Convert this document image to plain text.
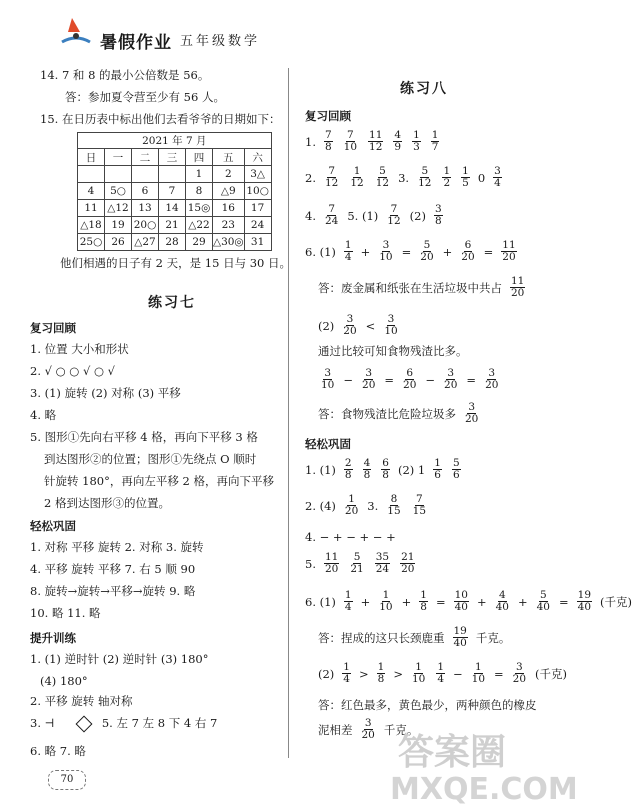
暑假作业 五年级数学
14. 7 和 8 的最小公倍数是 56。
答：参加夏令营至少有 56 人。
15. 在日历表中标出他们去看爷爷的日期如下：
2021 年 7 月						
日	一	二	三	四	五	六
				1	2	3△
4	5○	6	7	8	△9	10○
11	△12	13	14	15◎	16	17
△18	19	20○	21	△22	23	24
25○	26	△27	28	29	△30◎	31
他们相遇的日子有 2 天，是 15 日与 30 日。
练习七
复习回顾
1. 位置 大小和形状
2. √ ○ ○ √ ○ √
3. (1) 旋转 (2) 对称 (3) 平移
4. 略
5. 图形①先向右平移 4 格，再向下平移 3 格
到达图形②的位置；图形①先绕点 O 顺时
针旋转 180°，再向左平移 2 格，再向下平移
2 格到达图形③的位置。
轻松巩固
1. 对称 平移 旋转 2. 对称 3. 旋转
4. 平移 旋转 平移 7. 右 5 顺 90
8. 旋转→旋转→平移→旋转 9. 略
10. 略 11. 略
提升训练
1. (1) 逆时针 (2) 逆时针 (3) 180°
(4) 180°
2. 平移 旋转 轴对称
3. ⊣	5. 左 7 左 8 下 4 右 7
6. 略 7. 略
70
练习八
复习回顾
1. $\frac{7}{8} \frac{7}{10} \frac{11}{12} \frac{4}{9} \frac{1}{3} \frac{1}{7}$
2. $\frac{7}{12} \frac{1}{12} \frac{5}{12} 3$. $\frac{5}{12} \frac{1}{2} \frac{1}{5} 0 \frac{3}{4}$
4. $\frac{7}{24} 5$. $(1) \frac{7}{12} (2) \frac{3}{8}$
6. $(1) \frac{1}{4} + \frac{3}{10} = \frac{5}{20} + \frac{6}{20} = \frac{11}{20}$
答：废金属和纸张在生活垃圾中共占 $\frac{11}{20}$
$(2) \frac{3}{20} < \frac{3}{10}$
通过比较可知食物残渣比多。
$\frac{3}{10} - \frac{3}{20} = \frac{6}{20} - \frac{3}{20} = \frac{3}{20}$
答：食物残渣比危险垃圾多 $\frac{3}{20}$
轻松巩固
1. $(1) \frac{2}{8} \frac{4}{8} \frac{6}{8} (2)$ $1 \frac{1}{6} \frac{5}{6}$
2. $(4) \frac{1}{20} 3$. $\frac{8}{15} \frac{7}{15}$
4. − + − + − +
5. $\frac{11}{20} \frac{5}{21} \frac{35}{24} \frac{21}{20}$
6. $(1) \frac{1}{4} + \frac{1}{10} + \frac{1}{8} = \frac{10}{40} + \frac{4}{40} + \frac{5}{40} = \frac{19}{40}$ (千克)
答：捏成的这只长颈鹿重 $\frac{19}{40}$ 千克。
$(2) \frac{1}{4} > \frac{1}{8} > \frac{1}{10} \frac{1}{4} - \frac{1}{10} = \frac{3}{20}$ (千克)
答：红色最多，黄色最少，两种颜色的橡皮
泥相差 $\frac{3}{20}$ 千克。
答案圈
MXQE.COM
